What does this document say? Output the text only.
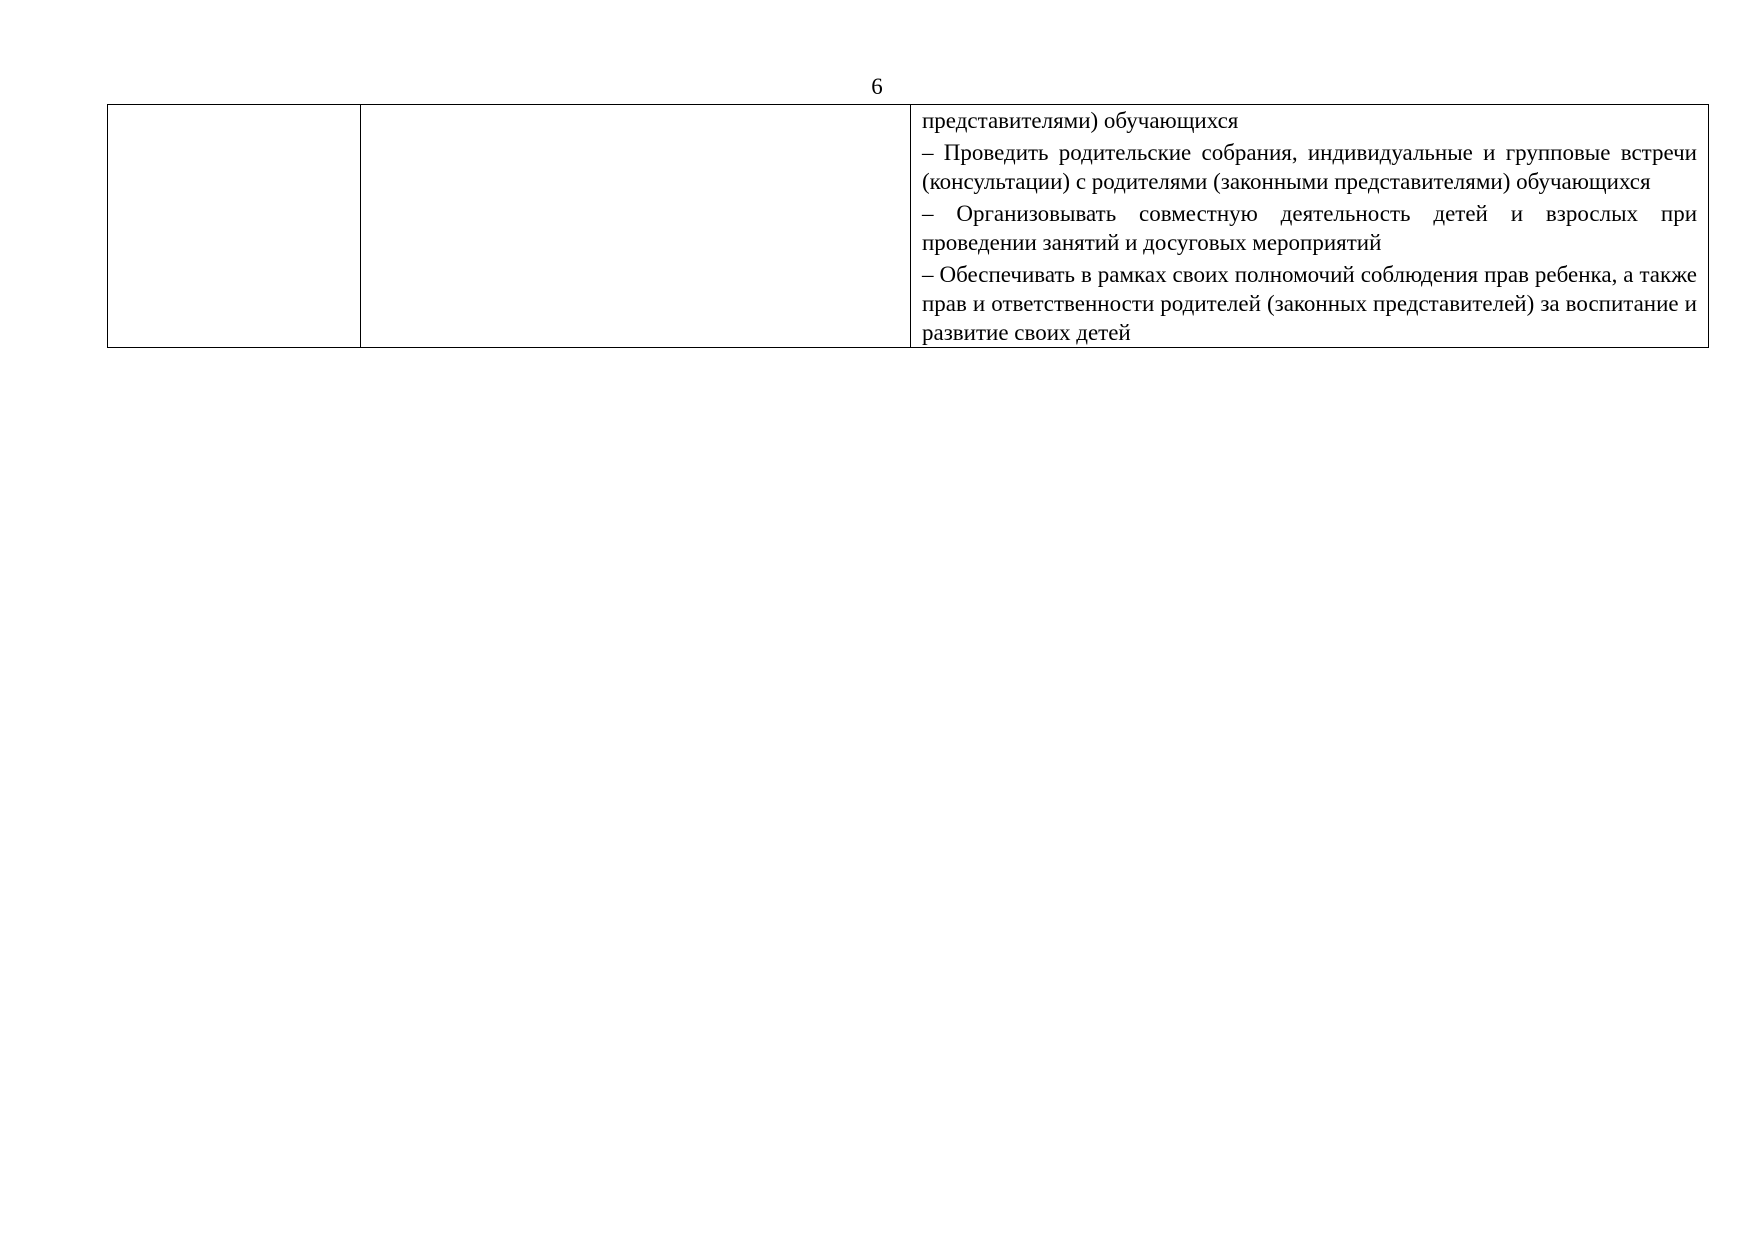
6

представителями) обучающихся

– Проведить родительские собрания, индивидуальные и групповые встречи (консультации) с родителями (законными представителями) обучающихся

– Организовывать совместную деятельность детей и взрослых при проведении занятий и досуговых мероприятий

– Обеспечивать в рамках своих полномочий соблюдения прав ребенка, а также прав и ответственности родителей (законных представителей) за воспитание и развитие своих детей
